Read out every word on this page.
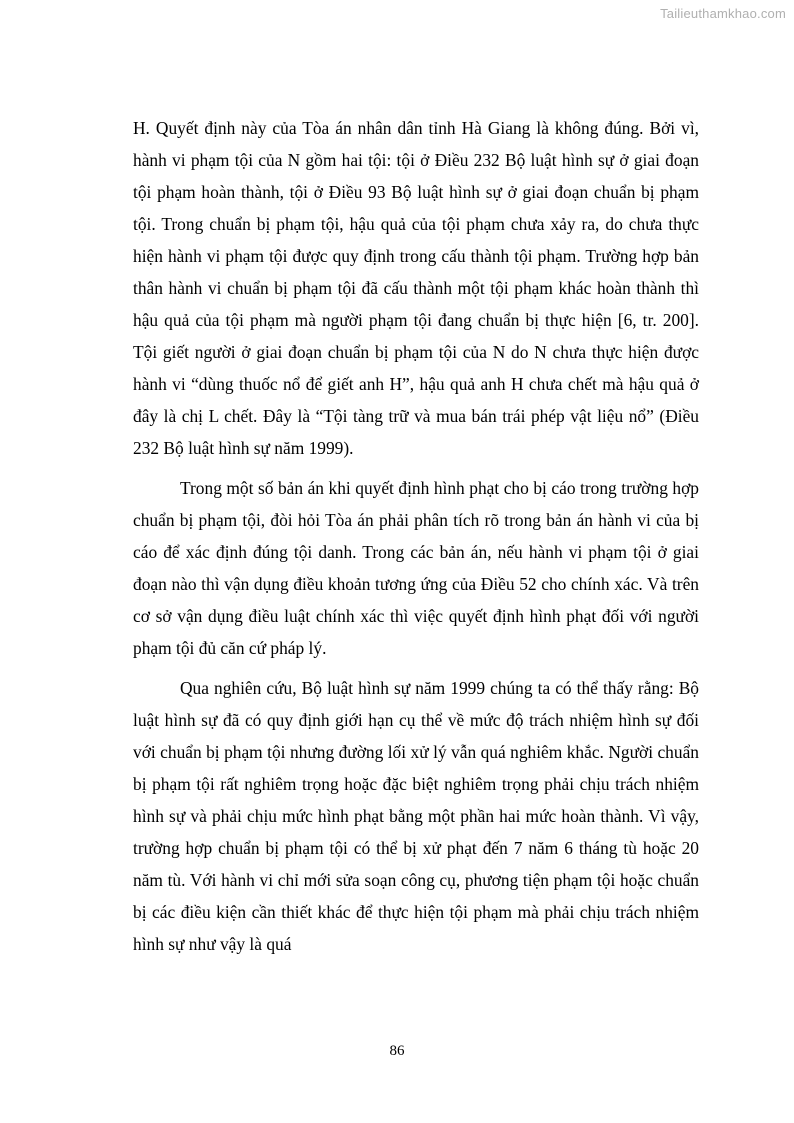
Tailieuthamkhao.com

H. Quyết định này của Tòa án nhân dân tỉnh Hà Giang là không đúng. Bởi vì, hành vi phạm tội của N gồm hai tội: tội ở Điều 232 Bộ luật hình sự ở giai đoạn tội phạm hoàn thành, tội ở Điều 93 Bộ luật hình sự ở giai đoạn chuẩn bị phạm tội. Trong chuẩn bị phạm tội, hậu quả của tội phạm chưa xảy ra, do chưa thực hiện hành vi phạm tội được quy định trong cấu thành tội phạm. Trường hợp bản thân hành vi chuẩn bị phạm tội đã cấu thành một tội phạm khác hoàn thành thì hậu quả của tội phạm mà người phạm tội đang chuẩn bị thực hiện [6, tr. 200]. Tội giết người ở giai đoạn chuẩn bị phạm tội của N do N chưa thực hiện được hành vi “dùng thuốc nổ để giết anh H”, hậu quả anh H chưa chết mà hậu quả ở đây là chị L chết. Đây là “Tội tàng trữ và mua bán trái phép vật liệu nổ” (Điều 232 Bộ luật hình sự năm 1999).

Trong một số bản án khi quyết định hình phạt cho bị cáo trong trường hợp chuẩn bị phạm tội, đòi hỏi Tòa án phải phân tích rõ trong bản án hành vi của bị cáo để xác định đúng tội danh. Trong các bản án, nếu hành vi phạm tội ở giai đoạn nào thì vận dụng điều khoản tương ứng của Điều 52 cho chính xác. Và trên cơ sở vận dụng điều luật chính xác thì việc quyết định hình phạt đối với người phạm tội đủ căn cứ pháp lý.

Qua nghiên cứu, Bộ luật hình sự năm 1999 chúng ta có thể thấy rằng: Bộ luật hình sự đã có quy định giới hạn cụ thể về mức độ trách nhiệm hình sự đối với chuẩn bị phạm tội nhưng đường lối xử lý vẫn quá nghiêm khắc. Người chuẩn bị phạm tội rất nghiêm trọng hoặc đặc biệt nghiêm trọng phải chịu trách nhiệm hình sự và phải chịu mức hình phạt bằng một phần hai mức hoàn thành. Vì vậy, trường hợp chuẩn bị phạm tội có thể bị xử phạt đến 7 năm 6 tháng tù hoặc 20 năm tù. Với hành vi chỉ mới sửa soạn công cụ, phương tiện phạm tội hoặc chuẩn bị các điều kiện cần thiết khác để thực hiện tội phạm mà phải chịu trách nhiệm hình sự như vậy là quá

86
